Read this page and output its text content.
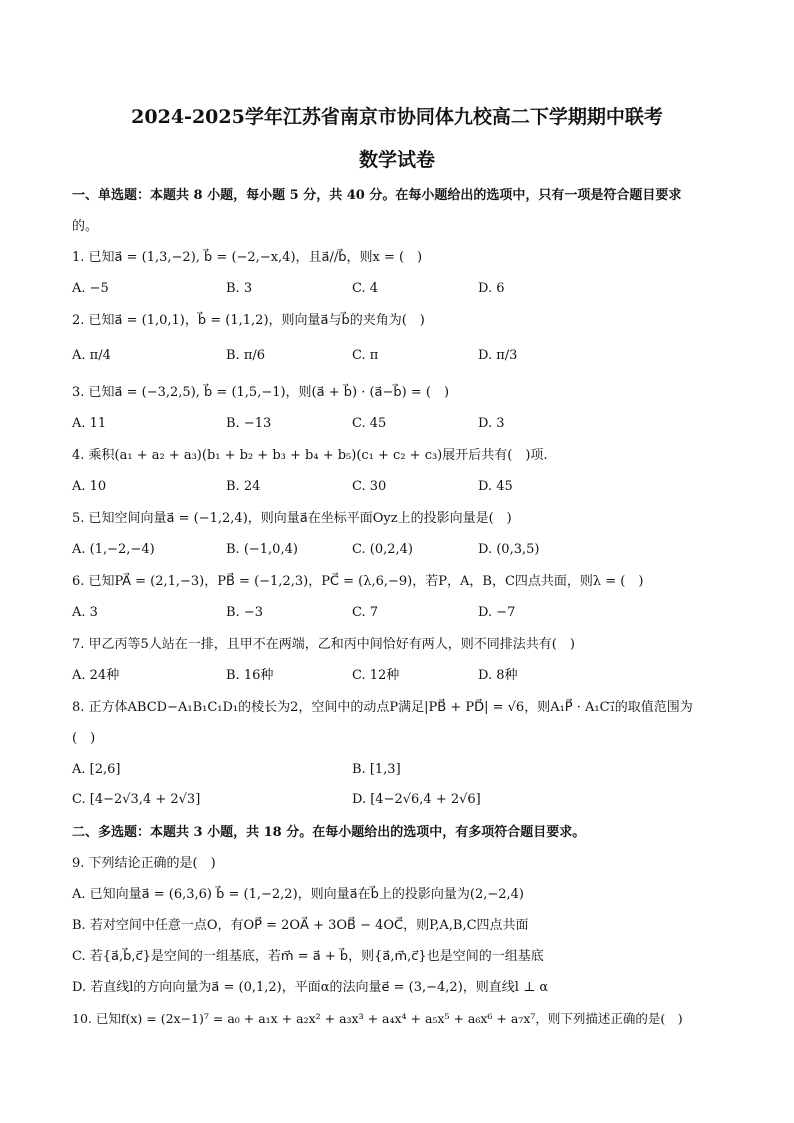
2024-2025学年江苏省南京市协同体九校高二下学期期中联考
数学试卷
一、单选题：本题共 8 小题，每小题 5 分，共 40 分。在每小题给出的选项中，只有一项是符合题目要求
的。
1. 已知a⃗ = (1,3,−2), b⃗ = (−2,−x,4)，且a⃗//b⃗，则x = (　)
A. −5	B. 3	C. 4	D. 6
2. 已知a⃗ = (1,0,1)，b⃗ = (1,1,2)，则向量a⃗与b⃗的夹角为(　)
A. π/4	B. π/6	C. π	D. π/3
3. 已知a⃗ = (−3,2,5), b⃗ = (1,5,−1)，则(a⃗ + b⃗) · (a⃗−b⃗) = (　)
A. 11	B. −13	C. 45	D. 3
4. 乘积(a₁ + a₂ + a₃)(b₁ + b₂ + b₃ + b₄ + b₅)(c₁ + c₂ + c₃)展开后共有(　)项.
A. 10	B. 24	C. 30	D. 45
5. 已知空间向量a⃗ = (−1,2,4)，则向量a⃗在坐标平面Oyz上的投影向量是(　)
A. (1,−2,−4)	B. (−1,0,4)	C. (0,2,4)	D. (0,3,5)
6. 已知PA⃗ = (2,1,−3)，PB⃗ = (−1,2,3)，PC⃗ = (λ,6,−9)，若P，A，B，C四点共面，则λ = (　)
A. 3	B. −3	C. 7	D. −7
7. 甲乙丙等5人站在一排，且甲不在两端，乙和丙中间恰好有两人，则不同排法共有(　)
A. 24种	B. 16种	C. 12种	D. 8种
8. 正方体ABCD−A₁B₁C₁D₁的棱长为2，空间中的动点P满足|PB⃗ + PD⃗| = √6，则A₁P⃗ · A₁C₁⃗的取值范围为
(　)
A. [2,6]	B. [1,3]
C. [4−2√3,4 + 2√3]	D. [4−2√6,4 + 2√6]
二、多选题：本题共 3 小题，共 18 分。在每小题给出的选项中，有多项符合题目要求。
9. 下列结论正确的是(　)
A. 已知向量a⃗ = (6,3,6) b⃗ = (1,−2,2)，则向量a⃗在b⃗上的投影向量为(2,−2,4)
B. 若对空间中任意一点O，有OP⃗ = 2OA⃗ + 3OB⃗ − 4OC⃗，则P,A,B,C四点共面
C. 若{a⃗,b⃗,c⃗}是空间的一组基底，若m⃗ = a⃗ + b⃗，则{a⃗,m⃗,c⃗}也是空间的一组基底
D. 若直线l的方向向量为a⃗ = (0,1,2)，平面α的法向量e⃗ = (3,−4,2)，则直线l ⊥ α
10. 已知f(x) = (2x−1)⁷ = a₀ + a₁x + a₂x² + a₃x³ + a₄x⁴ + a₅x⁵ + a₆x⁶ + a₇x⁷，则下列描述正确的是(　)
